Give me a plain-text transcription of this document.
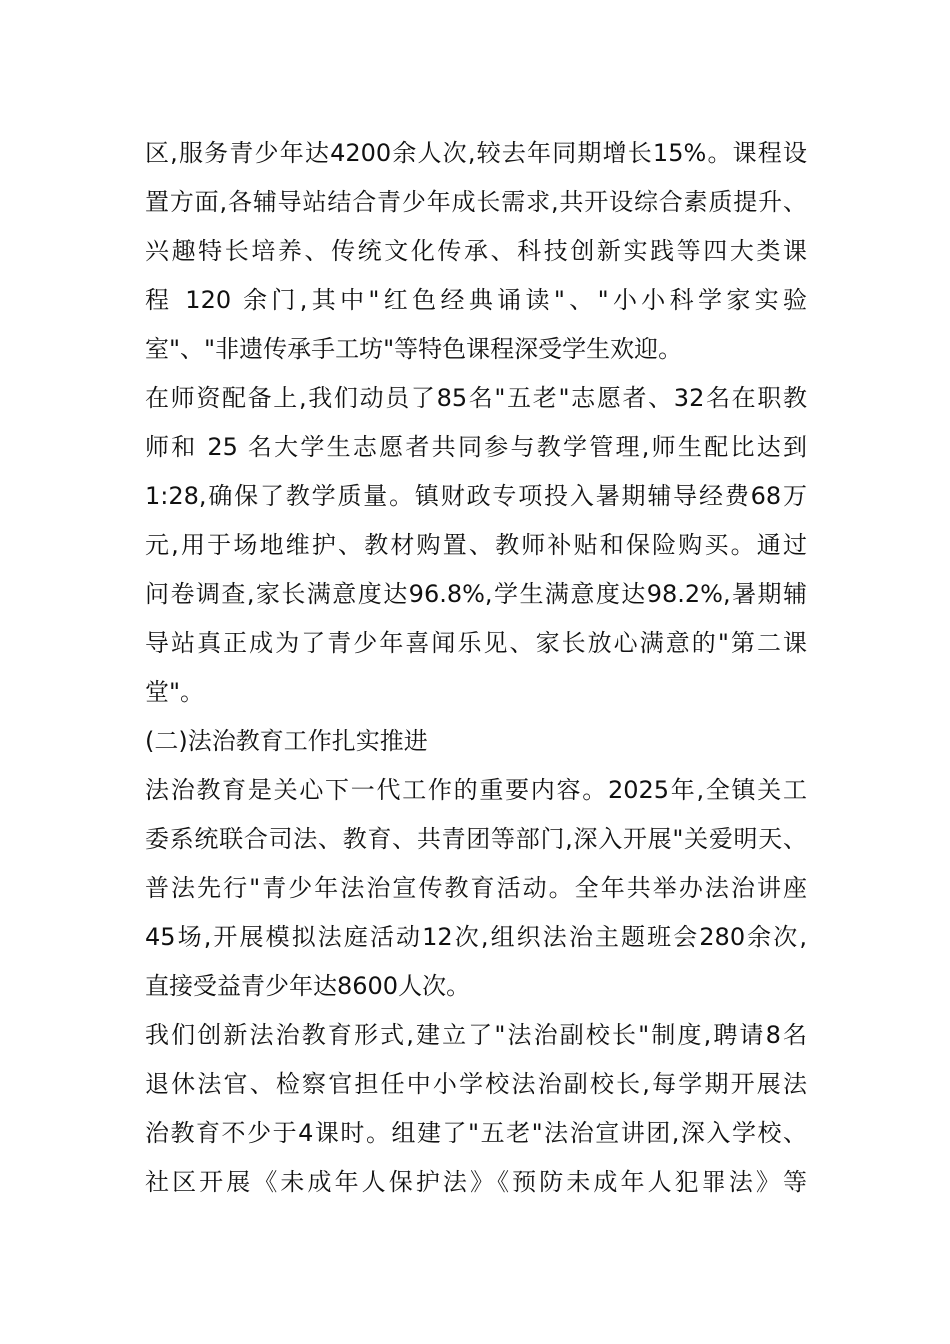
区,服务青少年达4200余人次,较去年同期增长15%。课程设
置方面,各辅导站结合青少年成长需求,共开设综合素质提升、
兴趣特长培养、传统文化传承、科技创新实践等四大类课
程 120 余门,其中"红色经典诵读"、"小小科学家实验
室"、"非遗传承手工坊"等特色课程深受学生欢迎。
在师资配备上,我们动员了85名"五老"志愿者、32名在职教
师和 25 名大学生志愿者共同参与教学管理,师生配比达到
1:28,确保了教学质量。镇财政专项投入暑期辅导经费68万
元,用于场地维护、教材购置、教师补贴和保险购买。通过
问卷调查,家长满意度达96.8%,学生满意度达98.2%,暑期辅
导站真正成为了青少年喜闻乐见、家长放心满意的"第二课
堂"。
(二)法治教育工作扎实推进
法治教育是关心下一代工作的重要内容。2025年,全镇关工
委系统联合司法、教育、共青团等部门,深入开展"关爱明天、
普法先行"青少年法治宣传教育活动。全年共举办法治讲座
45场,开展模拟法庭活动12次,组织法治主题班会280余次,
直接受益青少年达8600人次。
我们创新法治教育形式,建立了"法治副校长"制度,聘请8名
退休法官、检察官担任中小学校法治副校长,每学期开展法
治教育不少于4课时。组建了"五老"法治宣讲团,深入学校、
社区开展《未成年人保护法》《预防未成年人犯罪法》等
